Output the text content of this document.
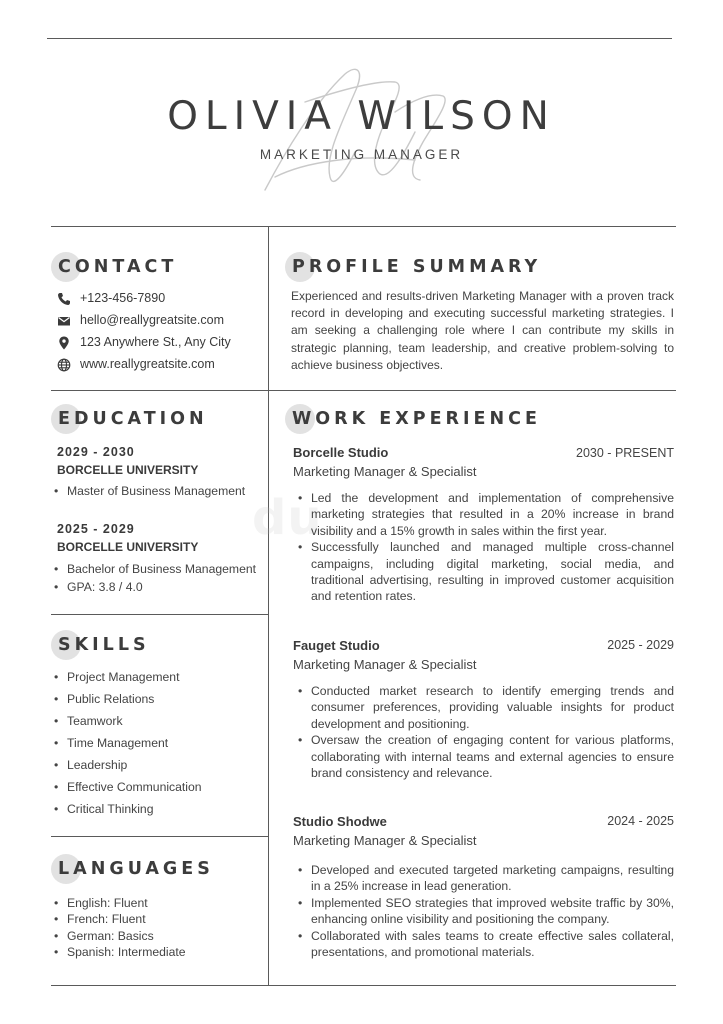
OLIVIA WILSON
MARKETING MANAGER
CONTACT
+123-456-7890
hello@reallygreatsite.com
123 Anywhere St., Any City
www.reallygreatsite.com
PROFILE SUMMARY
Experienced and results-driven Marketing Manager with a proven track record in developing and executing successful marketing strategies. I am seeking a challenging role where I can contribute my skills in strategic planning, team leadership, and creative problem-solving to achieve business objectives.
EDUCATION
2029 - 2030
BORCELLE UNIVERSITY
• Master of Business Management
2025 - 2029
BORCELLE UNIVERSITY
• Bachelor of Business Management
• GPA: 3.8 / 4.0
SKILLS
• Project Management
• Public Relations
• Teamwork
• Time Management
• Leadership
• Effective Communication
• Critical Thinking
LANGUAGES
• English: Fluent
• French: Fluent
• German: Basics
• Spanish: Intermediate
WORK EXPERIENCE
du
Borcelle Studio	2030 - PRESENT
Marketing Manager & Specialist
• Led the development and implementation of comprehensive marketing strategies that resulted in a 20% increase in brand visibility and a 15% growth in sales within the first year.
• Successfully launched and managed multiple cross-channel campaigns, including digital marketing, social media, and traditional advertising, resulting in improved customer acquisition and retention rates.
Fauget Studio	2025 - 2029
Marketing Manager & Specialist
• Conducted market research to identify emerging trends and consumer preferences, providing valuable insights for product development and positioning.
• Oversaw the creation of engaging content for various platforms, collaborating with internal teams and external agencies to ensure brand consistency and relevance.
Studio Shodwe	2024 - 2025
Marketing Manager & Specialist
• Developed and executed targeted marketing campaigns, resulting in a 25% increase in lead generation.
• Implemented SEO strategies that improved website traffic by 30%, enhancing online visibility and positioning the company.
• Collaborated with sales teams to create effective sales collateral, presentations, and promotional materials.
